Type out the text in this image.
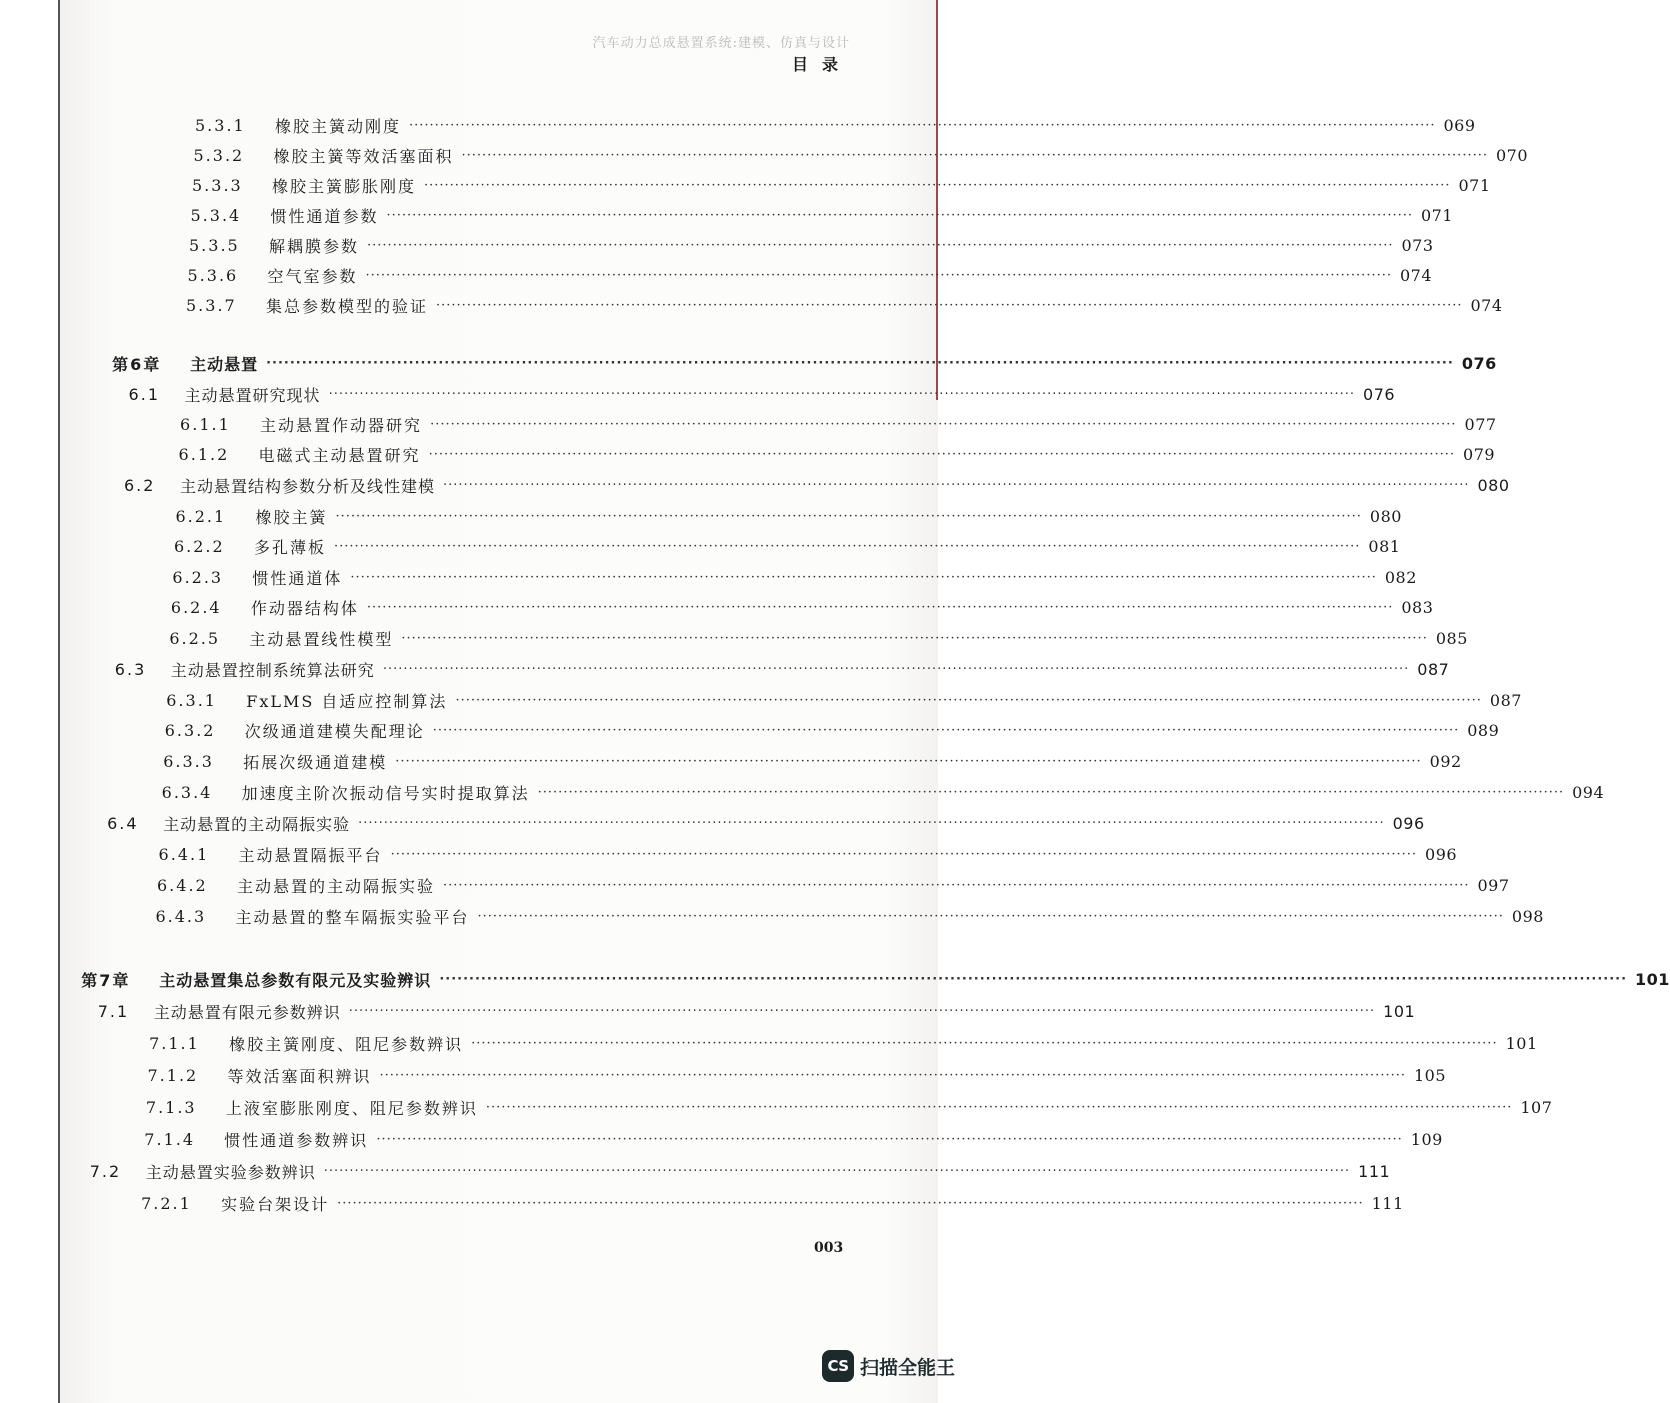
汽车动力总成悬置系统:建模、仿真与设计
目录
5.3.1	橡胶主簧动刚度 ········································································································································································································ 069
5.3.2	橡胶主簧等效活塞面积 ········································································································································································································ 070
5.3.3	橡胶主簧膨胀刚度 ········································································································································································································ 071
5.3.4	惯性通道参数 ········································································································································································································ 071
5.3.5	解耦膜参数 ········································································································································································································ 073
5.3.6	空气室参数 ········································································································································································································ 074
5.3.7	集总参数模型的验证 ········································································································································································································ 074
第6章	主动悬置 ········································································································································································································ 076
6.1	主动悬置研究现状 ········································································································································································································ 076
6.1.1	主动悬置作动器研究 ········································································································································································································ 077
6.1.2	电磁式主动悬置研究 ········································································································································································································ 079
6.2	主动悬置结构参数分析及线性建模 ········································································································································································································ 080
6.2.1	橡胶主簧 ········································································································································································································ 080
6.2.2	多孔薄板 ········································································································································································································ 081
6.2.3	惯性通道体 ········································································································································································································ 082
6.2.4	作动器结构体 ········································································································································································································ 083
6.2.5	主动悬置线性模型 ········································································································································································································ 085
6.3	主动悬置控制系统算法研究 ········································································································································································································ 087
6.3.1	FxLMS 自适应控制算法 ········································································································································································································ 087
6.3.2	次级通道建模失配理论 ········································································································································································································ 089
6.3.3	拓展次级通道建模 ········································································································································································································ 092
6.3.4	加速度主阶次振动信号实时提取算法 ········································································································································································································ 094
6.4	主动悬置的主动隔振实验 ········································································································································································································ 096
6.4.1	主动悬置隔振平台 ········································································································································································································ 096
6.4.2	主动悬置的主动隔振实验 ········································································································································································································ 097
6.4.3	主动悬置的整车隔振实验平台 ········································································································································································································ 098
第7章	主动悬置集总参数有限元及实验辨识 ········································································································································································································ 101
7.1	主动悬置有限元参数辨识 ········································································································································································································ 101
7.1.1	橡胶主簧刚度、阻尼参数辨识 ········································································································································································································ 101
7.1.2	等效活塞面积辨识 ········································································································································································································ 105
7.1.3	上液室膨胀刚度、阻尼参数辨识 ········································································································································································································ 107
7.1.4	惯性通道参数辨识 ········································································································································································································ 109
7.2	主动悬置实验参数辨识 ········································································································································································································ 111
7.2.1	实验台架设计 ········································································································································································································ 111
003
CS 扫描全能王
